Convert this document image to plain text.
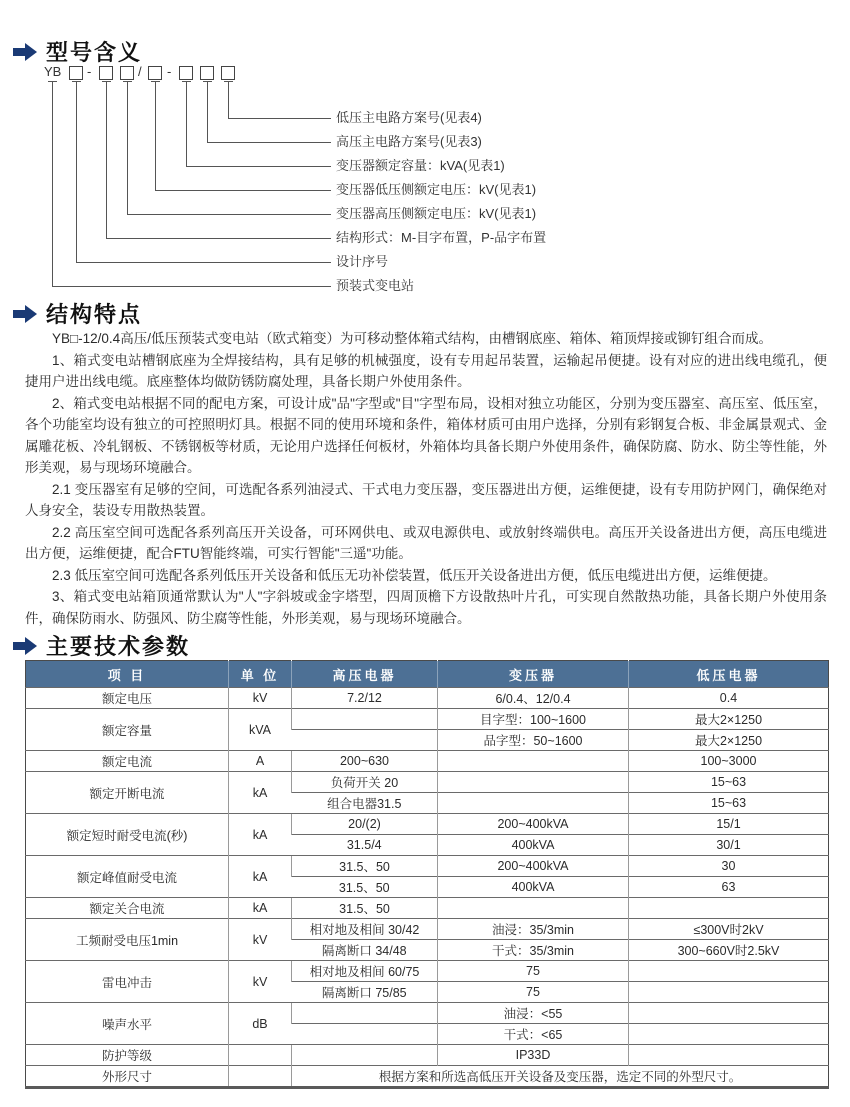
型号含义
YB -	/ -
低压主电路方案号(见表4)
高压主电路方案号(见表3)
变压器额定容量：kVA(见表1)
变压器低压侧额定电压：kV(见表1)
变压器高压侧额定电压：kV(见表1)
结构形式：M-目字布置，P-品字布置
设计序号
预装式变电站
结构特点

YB□-12/0.4高压/低压预装式变电站（欧式箱变）为可移动整体箱式结构，由槽钢底座、箱体、箱顶焊接或铆钉组合而成。

1、箱式变电站槽钢底座为全焊接结构，具有足够的机械强度，设有专用起吊装置，运输起吊便捷。设有对应的进出线电缆孔，便捷用户进出线电缆。底座整体均做防锈防腐处理，具备长期户外使用条件。

2、箱式变电站根据不同的配电方案，可设计成"品"字型或"目"字型布局，设相对独立功能区，分别为变压器室、高压室、低压室，各个功能室均设有独立的可控照明灯具。根据不同的使用环境和条件，箱体材质可由用户选择，分别有彩钢复合板、非金属景观式、金属雕花板、冷轧钢板、不锈钢板等材质，无论用户选择任何板材，外箱体均具备长期户外使用条件，确保防腐、防水、防尘等性能，外形美观，易与现场环境融合。

2.1 变压器室有足够的空间，可选配各系列油浸式、干式电力变压器，变压器进出方便，运维便捷，设有专用防护网门，确保绝对人身安全，装设专用散热装置。

2.2 高压室空间可选配各系列高压开关设备，可环网供电、或双电源供电、或放射终端供电。高压开关设备进出方便，高压电缆进出方便，运维便捷，配合FTU智能终端，可实行智能"三遥"功能。

2.3 低压室空间可选配各系列低压开关设备和低压无功补偿装置，低压开关设备进出方便，低压电缆进出方便，运维便捷。

3、箱式变电站箱顶通常默认为"人"字斜坡或金字塔型，四周顶檐下方设散热叶片孔，可实现自然散热功能，具备长期户外使用条件，确保防雨水、防强风、防尘腐等性能，外形美观，易与现场环境融合。

主要技术参数
项 目	单 位	高压电器	变压器	低压电器
额定电压	kV	7.2/12	6/0.4、12/0.4	0.4
额定容量	kVA		目字型：100~1600	最大2×1250
			品字型：50~1600	最大2×1250
额定电流	A	200~630		100~3000
额定开断电流	kA	负荷开关 20		15~63
		组合电器31.5		15~63
额定短时耐受电流(秒)	kA	20/(2)	200~400kVA	15/1
		31.5/4	400kVA	30/1
额定峰值耐受电流	kA	31.5、50	200~400kVA	30
		31.5、50	400kVA	63
额定关合电流	kA	31.5、50		
工频耐受电压1min	kV	相对地及相间 30/42	油浸：35/3min	≤300V时2kV
		隔离断口 34/48	干式：35/3min	300~660V时2.5kV
雷电冲击	kV	相对地及相间 60/75	75	
		隔离断口 75/85	75	
噪声水平	dB		油浸：<55	
			干式：<65	
防护等级			IP33D	
外形尺寸		根据方案和所选高低压开关设备及变压器，选定不同的外型尺寸。		
